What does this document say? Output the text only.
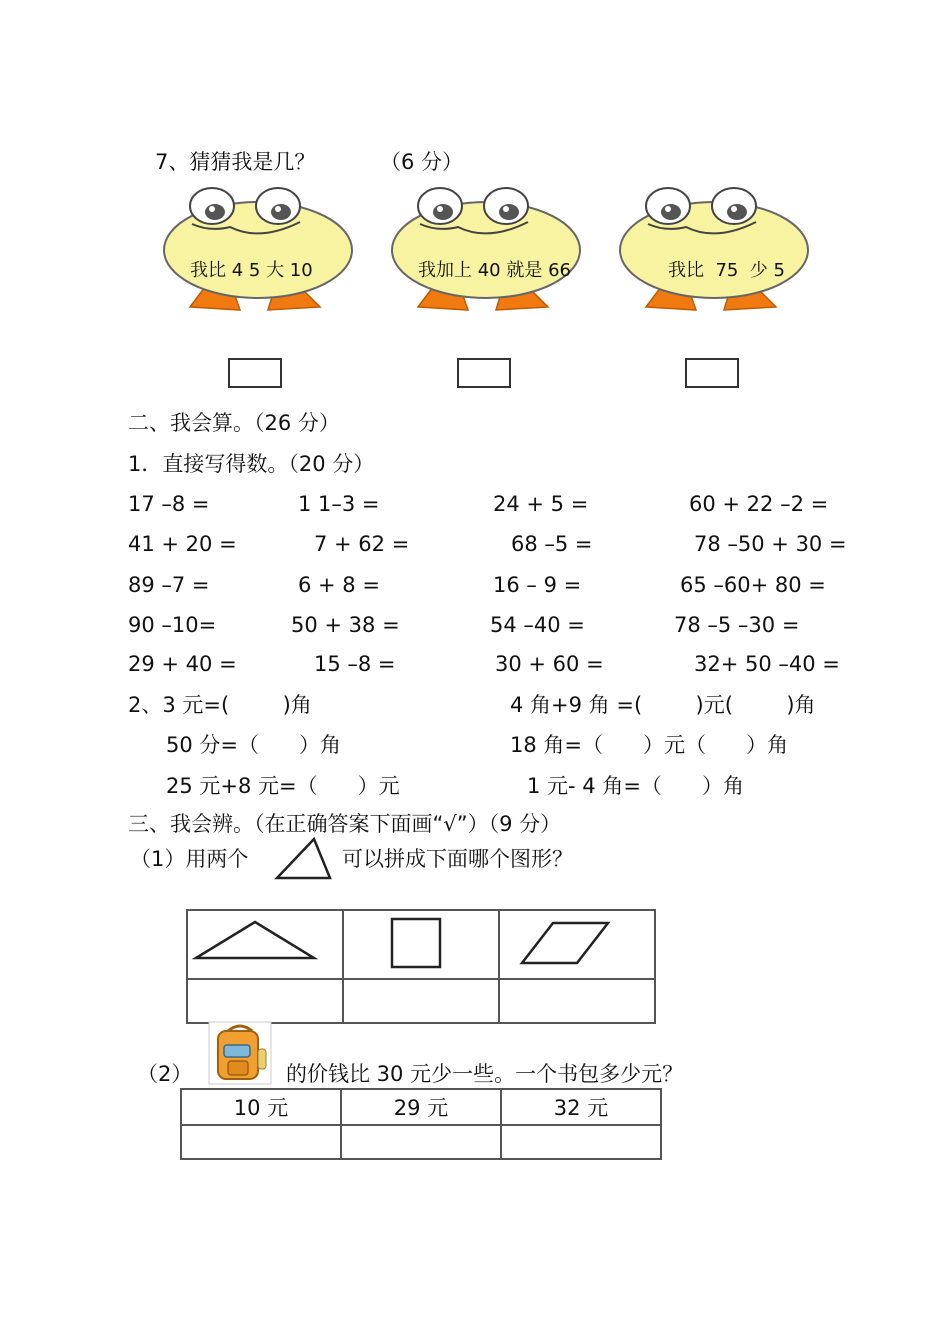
7、猜猜我是几？	（6 分）
我比 4 5 大 10	我加上 40 就是 66	我比  75  少 5
二、我会算。（26 分）
1．直接写得数。（20 分）
17 –8 =	1 1–3 =	24 + 5 =	60 + 22 –2 =
41 + 20 =	7 + 62 =	68 –5 =	78 –50 + 30 =
89 –7 =	6 + 8 =	16 – 9 =	65 –60+ 80 =
90 –10=	50 + 38 =	54 –40 =	78 –5 –30 =
29 + 40 =	15 –8 =	30 + 60 =	32+ 50 –40 =
2、3 元=(        )角	4 角+9 角 =(        )元(        )角
50 分=（      ）角	18 角=（      ）元（      ）角
25 元+8 元=（      ）元	1 元- 4 角=（      ）角
三、我会辨。（在正确答案下面画“√”）（9 分）
（1）用两个	可以拼成下面哪个图形？

（2）	的价钱比 30 元少一些。一个书包多少元？
10 元	29 元	32 元
